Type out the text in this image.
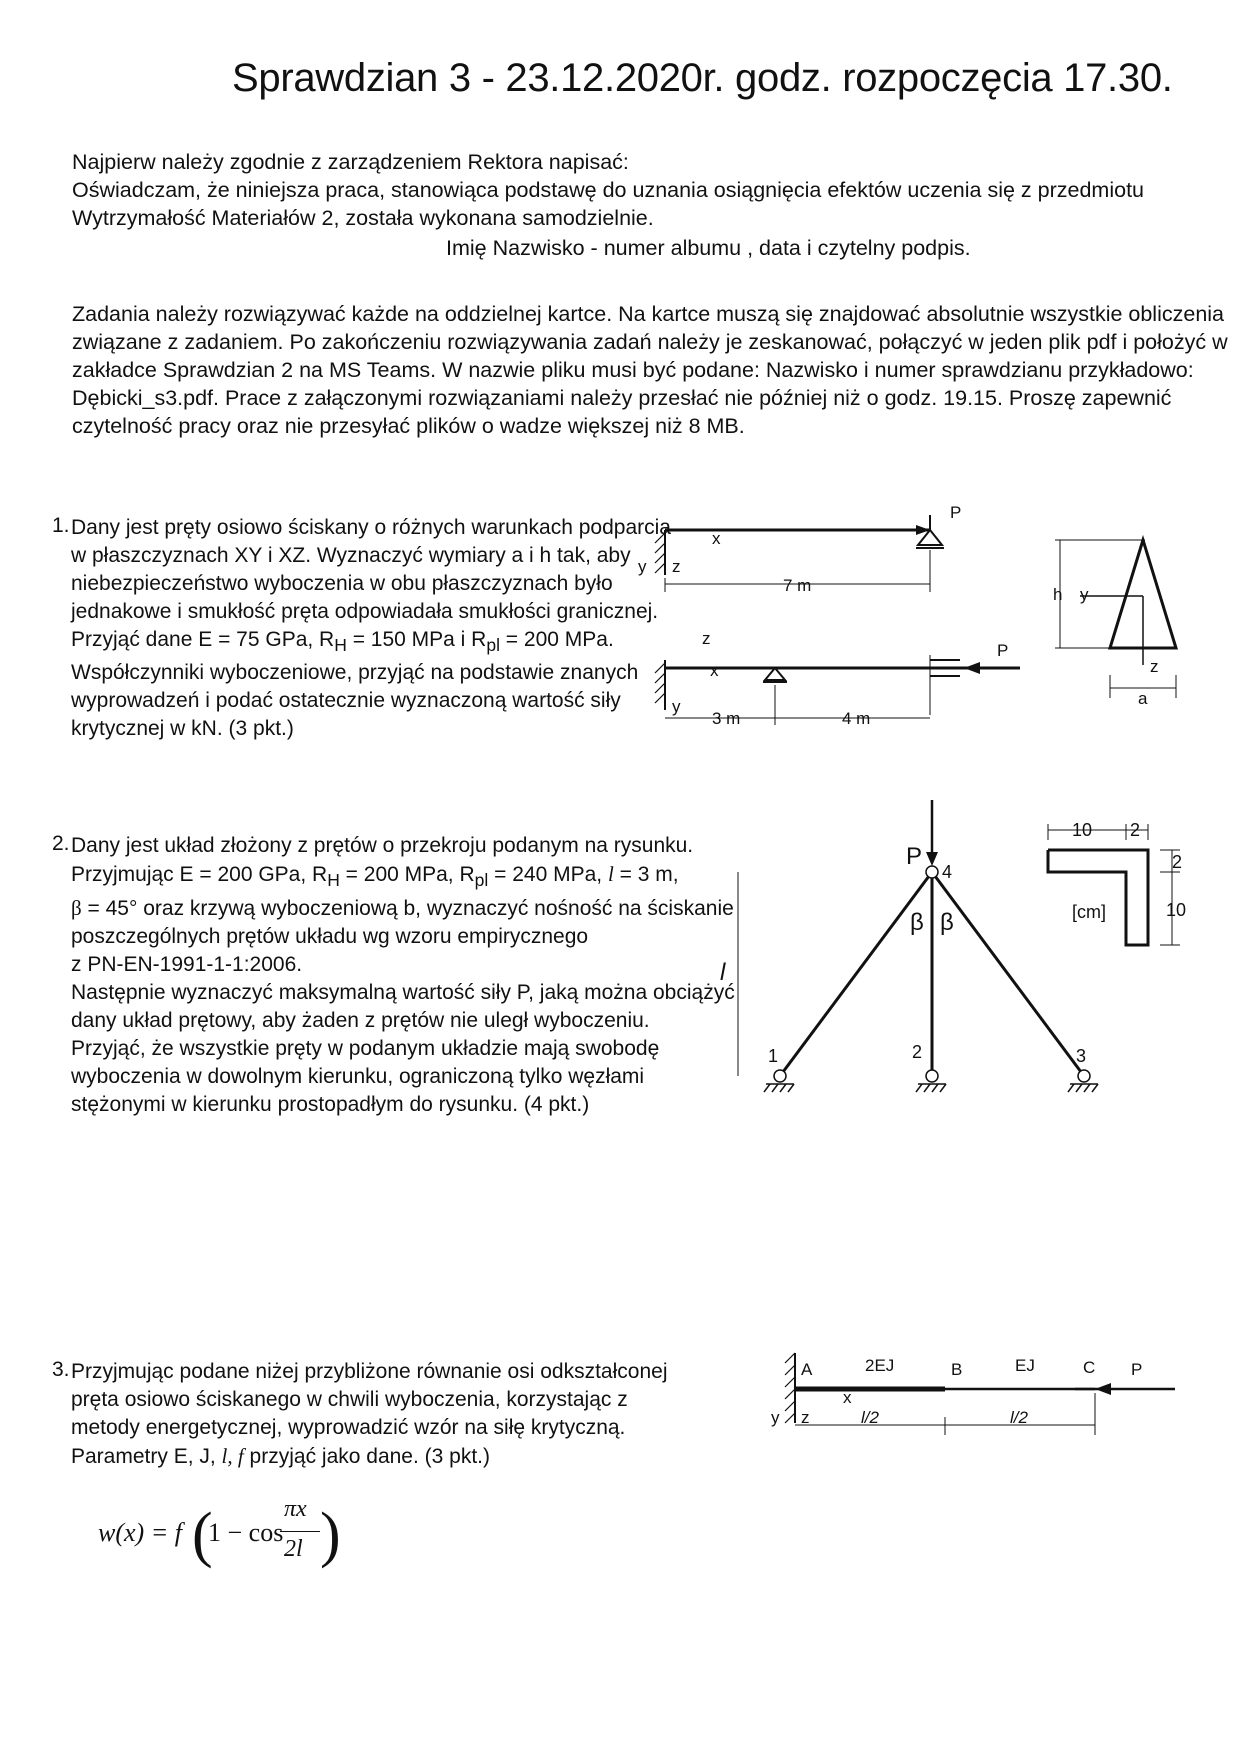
Sprawdzian 3 - 23.12.2020r. godz. rozpoczęcia 17.30.
Najpierw należy zgodnie z zarządzeniem Rektora napisać:
Oświadczam, że niniejsza praca, stanowiąca podstawę do uznania osiągnięcia efektów uczenia się z przedmiotu
Wytrzymałość Materiałów 2, została wykonana samodzielnie.
Imię Nazwisko - numer albumu , data i czytelny podpis.
Zadania należy rozwiązywać każde na oddzielnej kartce. Na kartce muszą się znajdować absolutnie wszystkie obliczenia
związane z zadaniem. Po zakończeniu rozwiązywania zadań należy je zeskanować, połączyć w jeden plik pdf i położyć w
zakładce Sprawdzian 2 na MS Teams. W nazwie pliku musi być podane: Nazwisko i numer sprawdzianu przykładowo:
Dębicki_s3.pdf. Prace z załączonymi rozwiązaniami należy przesłać nie później niż o godz. 19.15. Proszę zapewnić
czytelność pracy oraz nie przesyłać plików o wadze większej niż 8 MB.
1. Dany jest pręty osiowo ściskany o różnych warunkach podparcia
w płaszczyznach XY i XZ. Wyznaczyć wymiary a i h tak, aby
niebezpieczeństwo wyboczenia w obu płaszczyznach było
jednakowe i smukłość pręta odpowiadała smukłości granicznej.
Przyjąć dane E = 75 GPa, $R_H = 150$ MPa i $R_{pl} = 200$ MPa.
Współczynniki wyboczeniowe, przyjąć na podstawie znanych
wyprowadzeń i podać ostatecznie wyznaczoną wartość siły
krytycznej w kN. (3 pkt.)
P
x
y z
7 m
P
z
x
y
3 m	4 m
h y
z
a
2. Dany jest układ złożony z prętów o przekroju podanym na rysunku.
Przyjmując E = 200 GPa, $R_H = 200$ MPa, $R_{pl} = 240$ MPa, l = 3 m,
β = 45° oraz krzywą wyboczeniową b, wyznaczyć nośność na ściskanie
poszczególnych prętów układu wg wzoru empirycznego
z PN-EN-1991-1-1:2006.
Następnie wyznaczyć maksymalną wartość siły P, jaką można obciążyć
dany układ prętowy, aby żaden z prętów nie uległ wyboczeniu.
Przyjąć, że wszystkie pręty w podanym układzie mają swobodę
wyboczenia w dowolnym kierunku, ograniczoną tylko węzłami
stężonymi w kierunku prostopadłym do rysunku. (4 pkt.)
P
4
β β
1	2	3
l
10 2
2
10
[cm]
3. Przyjmując podane niżej przybliżone równanie osi odkształconej
pręta osiowo ściskanego w chwili wyboczenia, korzystając z
metody energetycznej, wyprowadzić wzór na siłę krytyczną.
Parametry E, J, l, f przyjąć jako dane. (3 pkt.)
w(x) = f (
1 − cos
πx
2l )
A	2EJ	B	EJ	C P
x
y z	l/2	l/2
